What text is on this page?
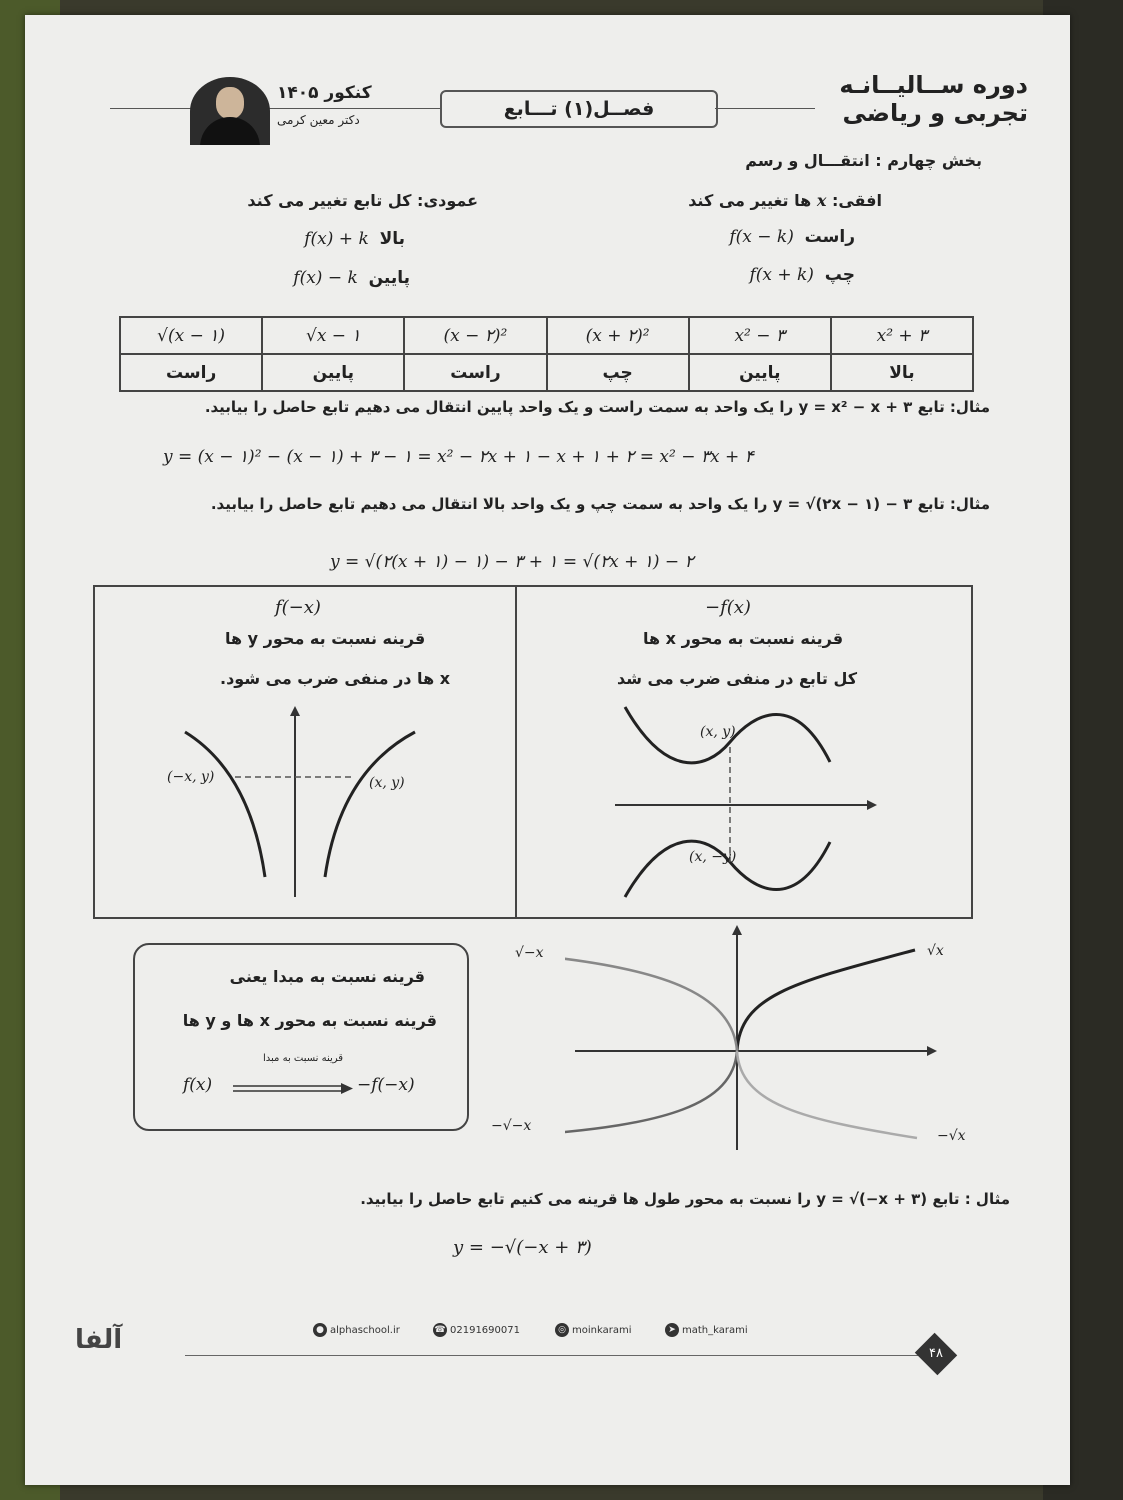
دوره ســالیــانـه
تجربی و ریاضی
فصــل(۱) تـــابع
کنکور ۱۴۰۵
دکتر معین کرمی
بخش چهارم : انتقـــال و رسم
افقی: x ها تغییر می کند
راست  f(x − k)
چپ  f(x + k)
عمودی: کل تابع تغییر می کند
بالا  f(x) + k
پایین  f(x) − k
x² + ۳	x² − ۳	(x + ۲)²	(x − ۲)²	√x − ۱	√(x − ۱)
بالا	پایین	چپ	راست	پایین	راست
مثال: تابع y = x² − x + ۳ را یک واحد به سمت راست و یک واحد پایین انتقال می دهیم تابع حاصل را بیابید.
y = (x − ۱)² − (x − ۱) + ۳ − ۱ = x² − ۲x + ۱ − x + ۱ + ۲ = x² − ۳x + ۴
مثال: تابع y = √(۲x − ۱) − ۳ را یک واحد به سمت چپ و یک واحد بالا انتقال می دهیم تابع حاصل را بیابید.
y = √(۲(x + ۱) − ۱) − ۳ + ۱ = √(۲x + ۱) − ۲
f(−x)
قرینه نسبت به محور y ها
x ها در منفی ضرب می شود.
(−x, y)	(x, y)
−f(x)
قرینه نسبت به محور x ها
کل تابع در منفی ضرب می شد
(x, y)
(x, −y)
قرینه نسبت به مبدا یعنی
قرینه نسبت به محور x ها و y ها
قرینه نسبت به مبدا
f(x)	−f(−x)
√−x	√x
−√−x
−√x
مثال : تابع y = √(−x + ۳) را نسبت به محور طول ها قرینه می کنیم تابع حاصل را بیابید.
y = −√(−x + ۳)
آلفا	● alphaschool.ir	☎ 02191690071	◎ moinkarami	➤ math_karami
۴۸
